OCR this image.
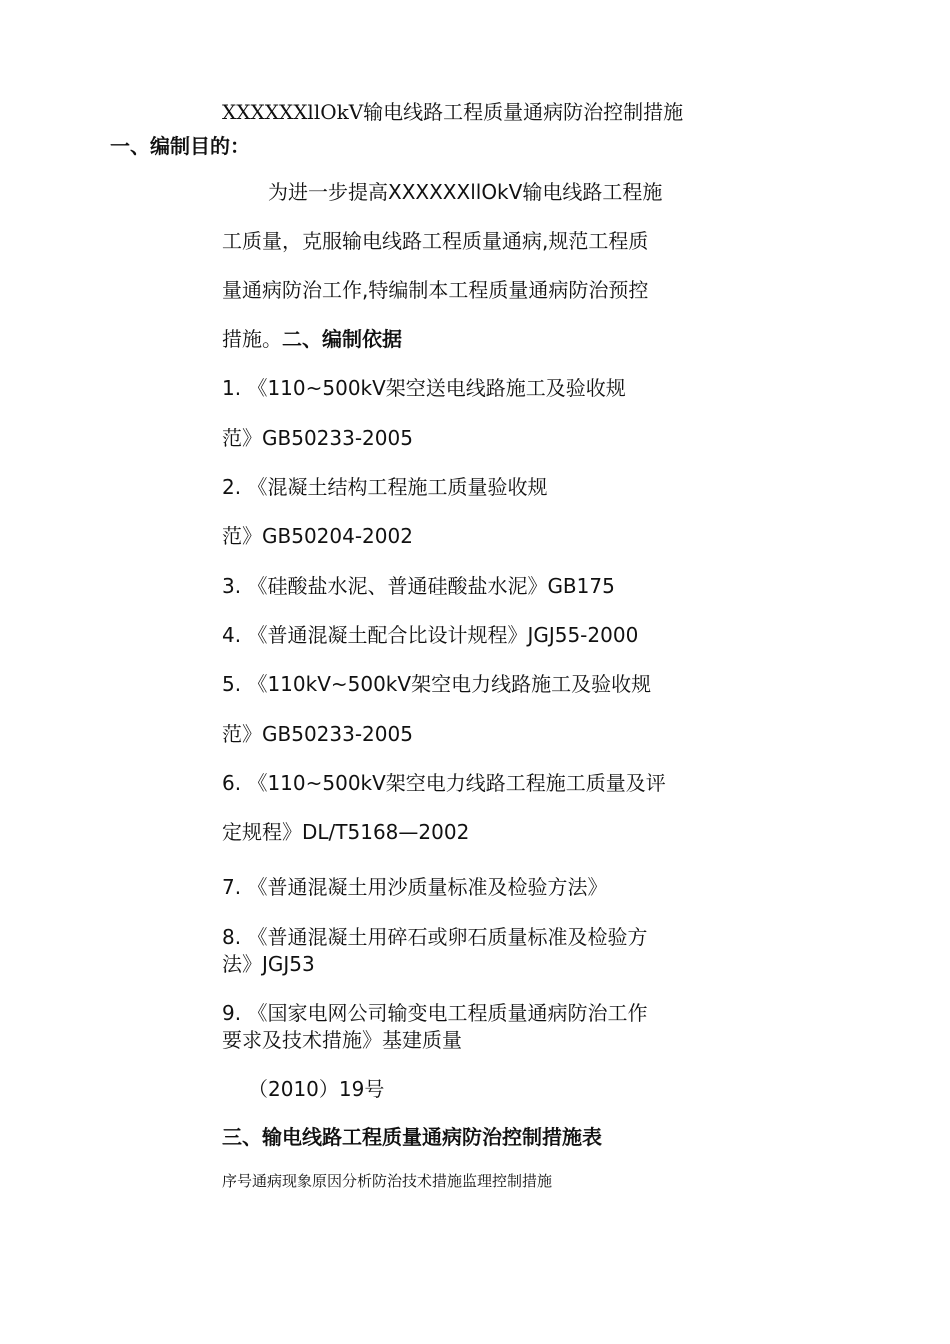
XXXXXXllOkV输电线路工程质量通病防治控制措施
一、编制目的：
为进一步提高XXXXXXllOkV输电线路工程施
工质量，克服输电线路工程质量通病,规范工程质
量通病防治工作,特编制本工程质量通病防治预控
措施。二、编制依据
1. 《110~500kV架空送电线路施工及验收规
范》GB50233-2005
2. 《混凝土结构工程施工质量验收规
范》GB50204-2002
3. 《硅酸盐水泥、普通硅酸盐水泥》GB175
4. 《普通混凝土配合比设计规程》JGJ55-2000
5. 《110kV~500kV架空电力线路施工及验收规
范》GB50233-2005
6. 《110~500kV架空电力线路工程施工质量及评
定规程》DL/T5168—2002
7. 《普通混凝土用沙质量标准及检验方法》
8. 《普通混凝土用碎石或卵石质量标准及检验方
法》JGJ53
9. 《国家电网公司输变电工程质量通病防治工作
要求及技术措施》基建质量
（2010）19号
三、输电线路工程质量通病防治控制措施表
序号通病现象原因分析防治技术措施监理控制措施
